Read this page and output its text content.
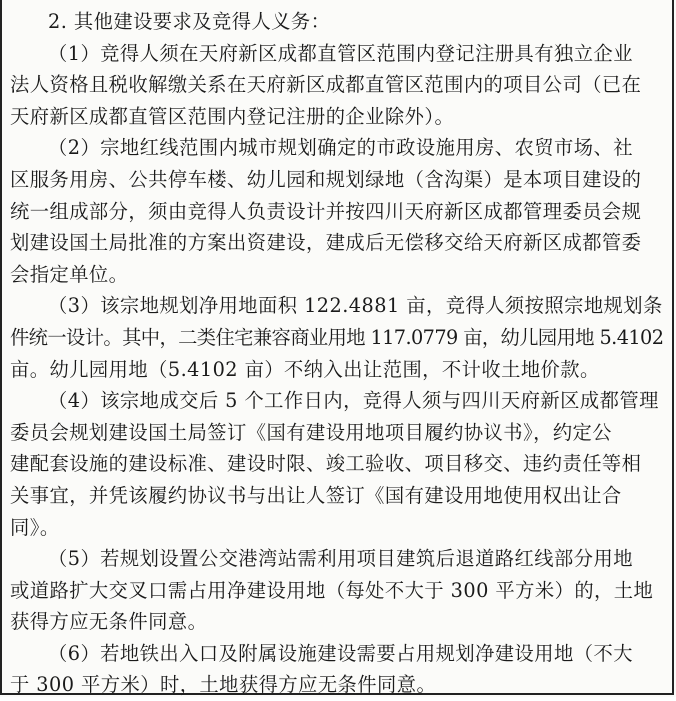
2. 其他建设要求及竞得人义务：

（1）竞得人须在天府新区成都直管区范围内登记注册具有独立企业

法人资格且税收解缴关系在天府新区成都直管区范围内的项目公司（已在

天府新区成都直管区范围内登记注册的企业除外）。

（2）宗地红线范围内城市规划确定的市政设施用房、农贸市场、社

区服务用房、公共停车楼、幼儿园和规划绿地（含沟渠）是本项目建设的

统一组成部分，须由竞得人负责设计并按四川天府新区成都管理委员会规

划建设国土局批准的方案出资建设，建成后无偿移交给天府新区成都管委

会指定单位。

（3）该宗地规划净用地面积 122.4881 亩，竞得人须按照宗地规划条

件统一设计。其中，二类住宅兼容商业用地 117.0779 亩，幼儿园用地 5.4102

亩。幼儿园用地（5.4102 亩）不纳入出让范围，不计收土地价款。

（4）该宗地成交后 5 个工作日内，竞得人须与四川天府新区成都管理

委员会规划建设国土局签订《国有建设用地项目履约协议书》，约定公

建配套设施的建设标准、建设时限、竣工验收、项目移交、违约责任等相

关事宜，并凭该履约协议书与出让人签订《国有建设用地使用权出让合

同》。

（5）若规划设置公交港湾站需利用项目建筑后退道路红线部分用地

或道路扩大交叉口需占用净建设用地（每处不大于 300 平方米）的，土地

获得方应无条件同意。

（6）若地铁出入口及附属设施建设需要占用规划净建设用地（不大

于 300 平方米）时，土地获得方应无条件同意。
